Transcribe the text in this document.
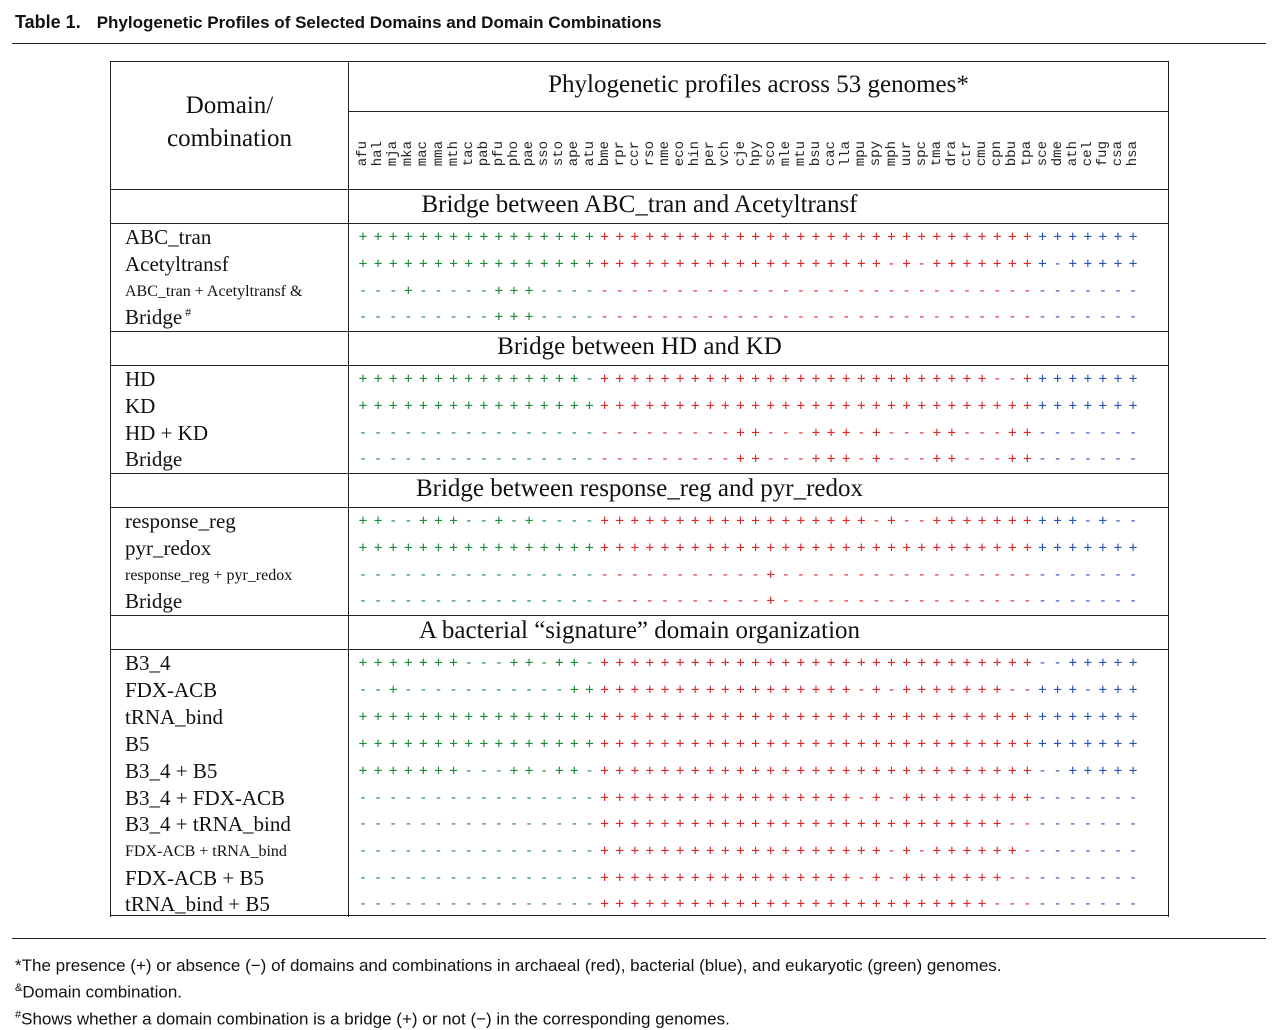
Table 1. Phylogenetic Profiles of Selected Domains and Domain Combinations
Domain/
combination
Phylogenetic profiles across 53 genomes*
afu hal mja mka mac mma mth tac pab pfu pho pae sso sto ape atu bme rpr ccr rso nme eco hin per vch cje hpy sco mle mtu bsu cac lla mpu spy mph uur spc tma dra ctr cmu cpn bbu tpa sce dme ath cel fug csa hsa
Bridge between ABC_tran and Acetyltransf
ABC_tran	+ + + + + + + + + + + + + + + + + + + + + + + + + + + + + + + + + + + + + + + + + + + + + + + + + + + +
Acetyltransf	+ + + + + + + + + + + + + + + + + + + + + + + + + + + + + + + + + + + - + - + + + + + + + + - + + + + +
ABC_tran + Acetyltransf &	- - - + - - - - - + + + - - - - - - - - - - - - - - - - - - - - - - - - - - - - - - - - - - - - - - - -
Bridge #	- - - - - - - - - + + + - - - - - - - - - - - - - - - - - - - - - - - - - - - - - - - - - - - - - - - -
Bridge between HD and KD
HD	+ + + + + + + + + + + + + + + - + + + + + + + + + + + + + + + + + + + + + + + + + + - - + + + + + + + +
KD	+ + + + + + + + + + + + + + + + + + + + + + + + + + + + + + + + + + + + + + + + + + + + + + + + + + + +
HD + KD	- - - - - - - - - - - - - - - - - - - - - - - - - + + - - - + + + - + - - - + + - - - + + - - - - - - -
Bridge	- - - - - - - - - - - - - - - - - - - - - - - - - + + - - - + + + - + - - - + + - - - + + - - - - - - -
Bridge between response_reg and pyr_redox
response_reg	+ + - - + + + - - + - + - - - - + + + + + + + + + + + + + + + + + + - + - - + + + + + + + + + + - + - -
pyr_redox	+ + + + + + + + + + + + + + + + + + + + + + + + + + + + + + + + + + + + + + + + + + + + + + + + + + + +
response_reg + pyr_redox	- - - - - - - - - - - - - - - - - - - - - - - - - - - + - - - - - - - - - - - - - - - - - - - - - - - -
Bridge	- - - - - - - - - - - - - - - - - - - - - - - - - - - + - - - - - - - - - - - - - - - - - - - - - - - -
A bacterial “signature” domain organization
B3_4	+ + + + + + + - - - + + - + + - + + + + + + + + + + + + + + + + + + + + + + + + + + + + + - - + + + + +
FDX-ACB	- - + - - - - - - - - - - - + + + + + + + + + + + + + + + + + + + - + - + + + + + + + - - + + + - + + +
tRNA_bind	+ + + + + + + + + + + + + + + + + + + + + + + + + + + + + + + + + + + + + + + + + + + + + + + + + + + +
B5	+ + + + + + + + + + + + + + + + + + + + + + + + + + + + + + + + + + + + + + + + + + + + + + + + + + + +
B3_4 + B5	+ + + + + + + - - - + + - + + - + + + + + + + + + + + + + + + + + + + + + + + + + + + + + - - + + + + +
B3_4 + FDX-ACB	- - - - - - - - - - - - - - - - + + + + + + + + + + + + + + + + + - + - + + + + + + + + + - - - - - - -
B3_4 + tRNA_bind	- - - - - - - - - - - - - - - - + + + + + + + + + + + + + + + + + + + + + + + + + + + - - - - - - - - -
FDX-ACB + tRNA_bind	- - - - - - - - - - - - - - - - + + + + + + + + + + + + + + + + + + + - + - + + + + + + - - - - - - - -
FDX-ACB + B5	- - - - - - - - - - - - - - - - + + + + + + + + + + + + + + + + + - + - + + + + + + + - - - - - - - - -
tRNA_bind + B5	- - - - - - - - - - - - - - - - + + + + + + + + + + + + + + + + + + + + + + + + + + - - - - - - - - - -
*The presence (+) or absence (−) of domains and combinations in archaeal (red), bacterial (blue), and eukaryotic (green) genomes.
&Domain combination.
#Shows whether a domain combination is a bridge (+) or not (−) in the corresponding genomes.
